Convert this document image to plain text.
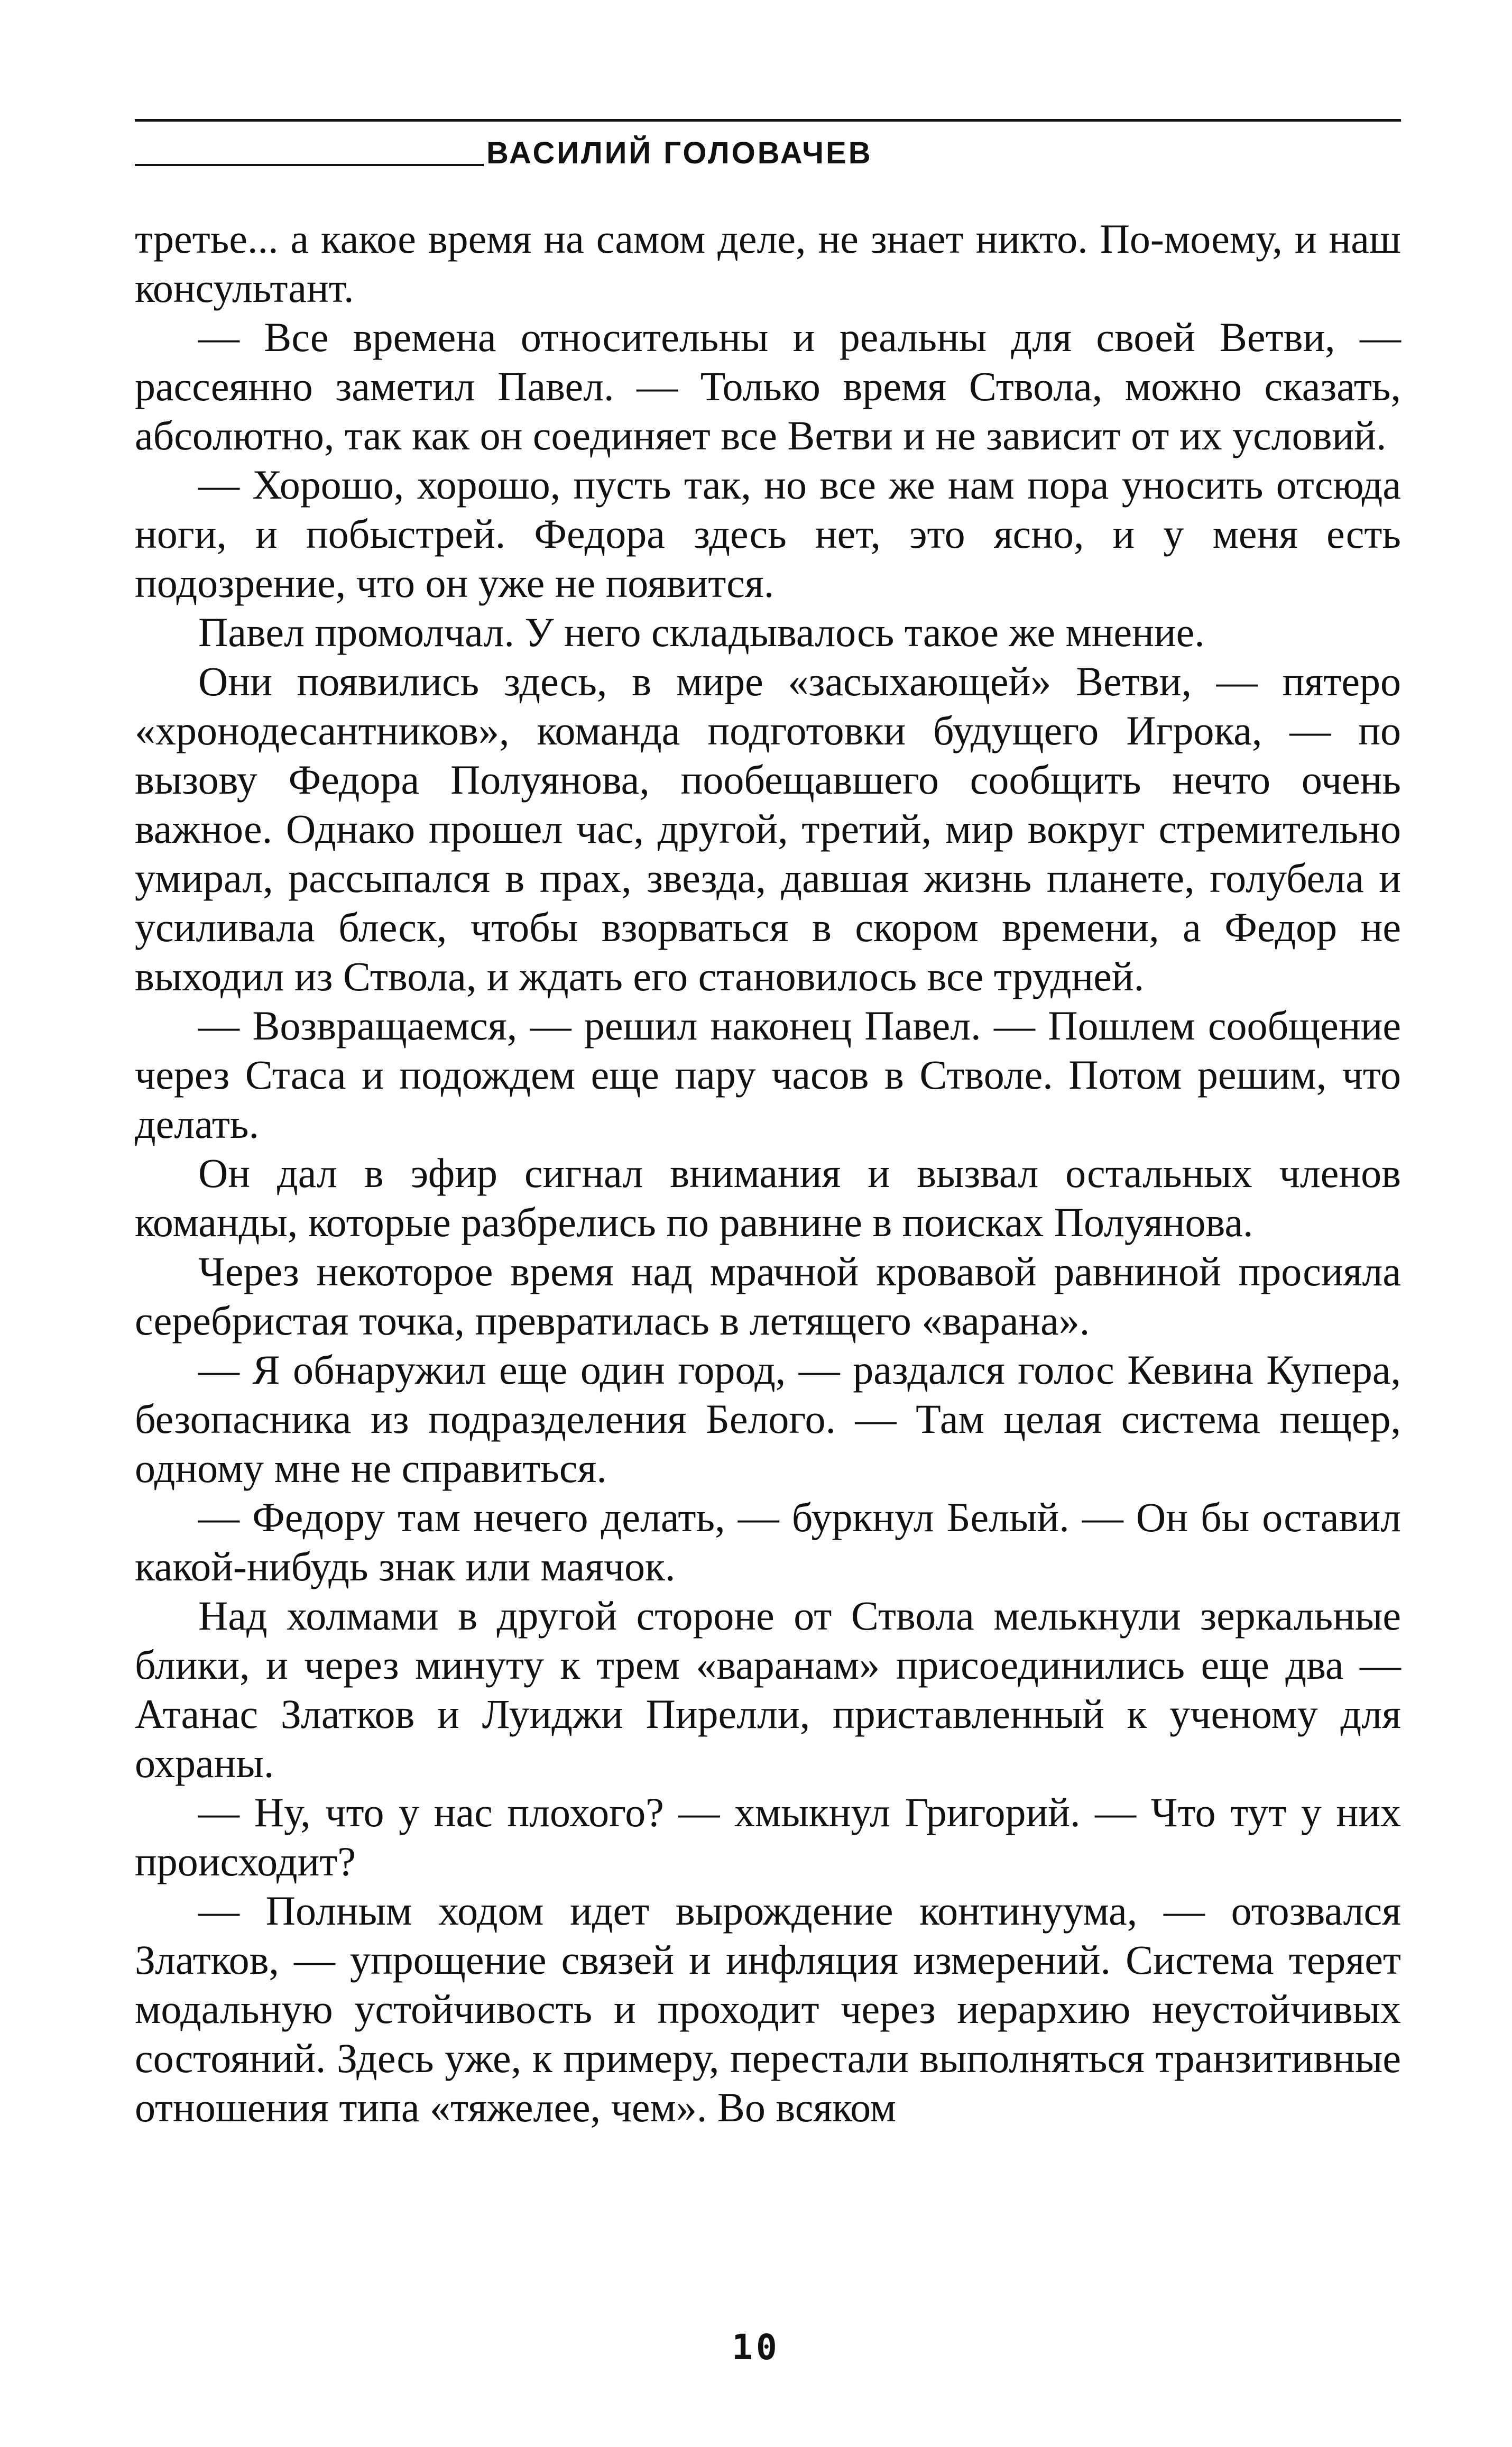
ВАСИЛИЙ ГОЛОВАЧЕВ

третье... а какое время на самом деле, не знает никто. По-моему, и наш консультант.

— Все времена относительны и реальны для своей Ветви, — рассеянно заметил Павел. — Только время Ствола, можно сказать, абсолютно, так как он соединяет все Ветви и не зависит от их условий.

— Хорошо, хорошо, пусть так, но все же нам пора уносить отсюда ноги, и побыстрей. Федора здесь нет, это ясно, и у меня есть подозрение, что он уже не появится.

Павел промолчал. У него складывалось такое же мнение.

Они появились здесь, в мире «засыхающей» Ветви, — пятеро «хронодесантников», команда подготовки будущего Игрока, — по вызову Федора Полуянова, пообещавшего сообщить нечто очень важное. Однако прошел час, другой, третий, мир вокруг стремительно умирал, рассыпался в прах, звезда, давшая жизнь планете, голубела и усиливала блеск, чтобы взорваться в скором времени, а Федор не выходил из Ствола, и ждать его становилось все трудней.

— Возвращаемся, — решил наконец Павел. — Пошлем сообщение через Стаса и подождем еще пару часов в Стволе. Потом решим, что делать.

Он дал в эфир сигнал внимания и вызвал остальных членов команды, которые разбрелись по равнине в поисках Полуянова.

Через некоторое время над мрачной кровавой равниной просияла серебристая точка, превратилась в летящего «варана».

— Я обнаружил еще один город, — раздался голос Кевина Купера, безопасника из подразделения Белого. — Там целая система пещер, одному мне не справиться.

— Федору там нечего делать, — буркнул Белый. — Он бы оставил какой-нибудь знак или маячок.

Над холмами в другой стороне от Ствола мелькнули зеркальные блики, и через минуту к трем «варанам» присоединились еще два — Атанас Златков и Луиджи Пирелли, приставленный к ученому для охраны.

— Ну, что у нас плохого? — хмыкнул Григорий. — Что тут у них происходит?

— Полным ходом идет вырождение континуума, — отозвался Златков, — упрощение связей и инфляция измерений. Система теряет модальную устойчивость и проходит через иерархию неустойчивых состояний. Здесь уже, к примеру, перестали выполняться транзитивные отношения типа «тяжелее, чем». Во всяком

10
